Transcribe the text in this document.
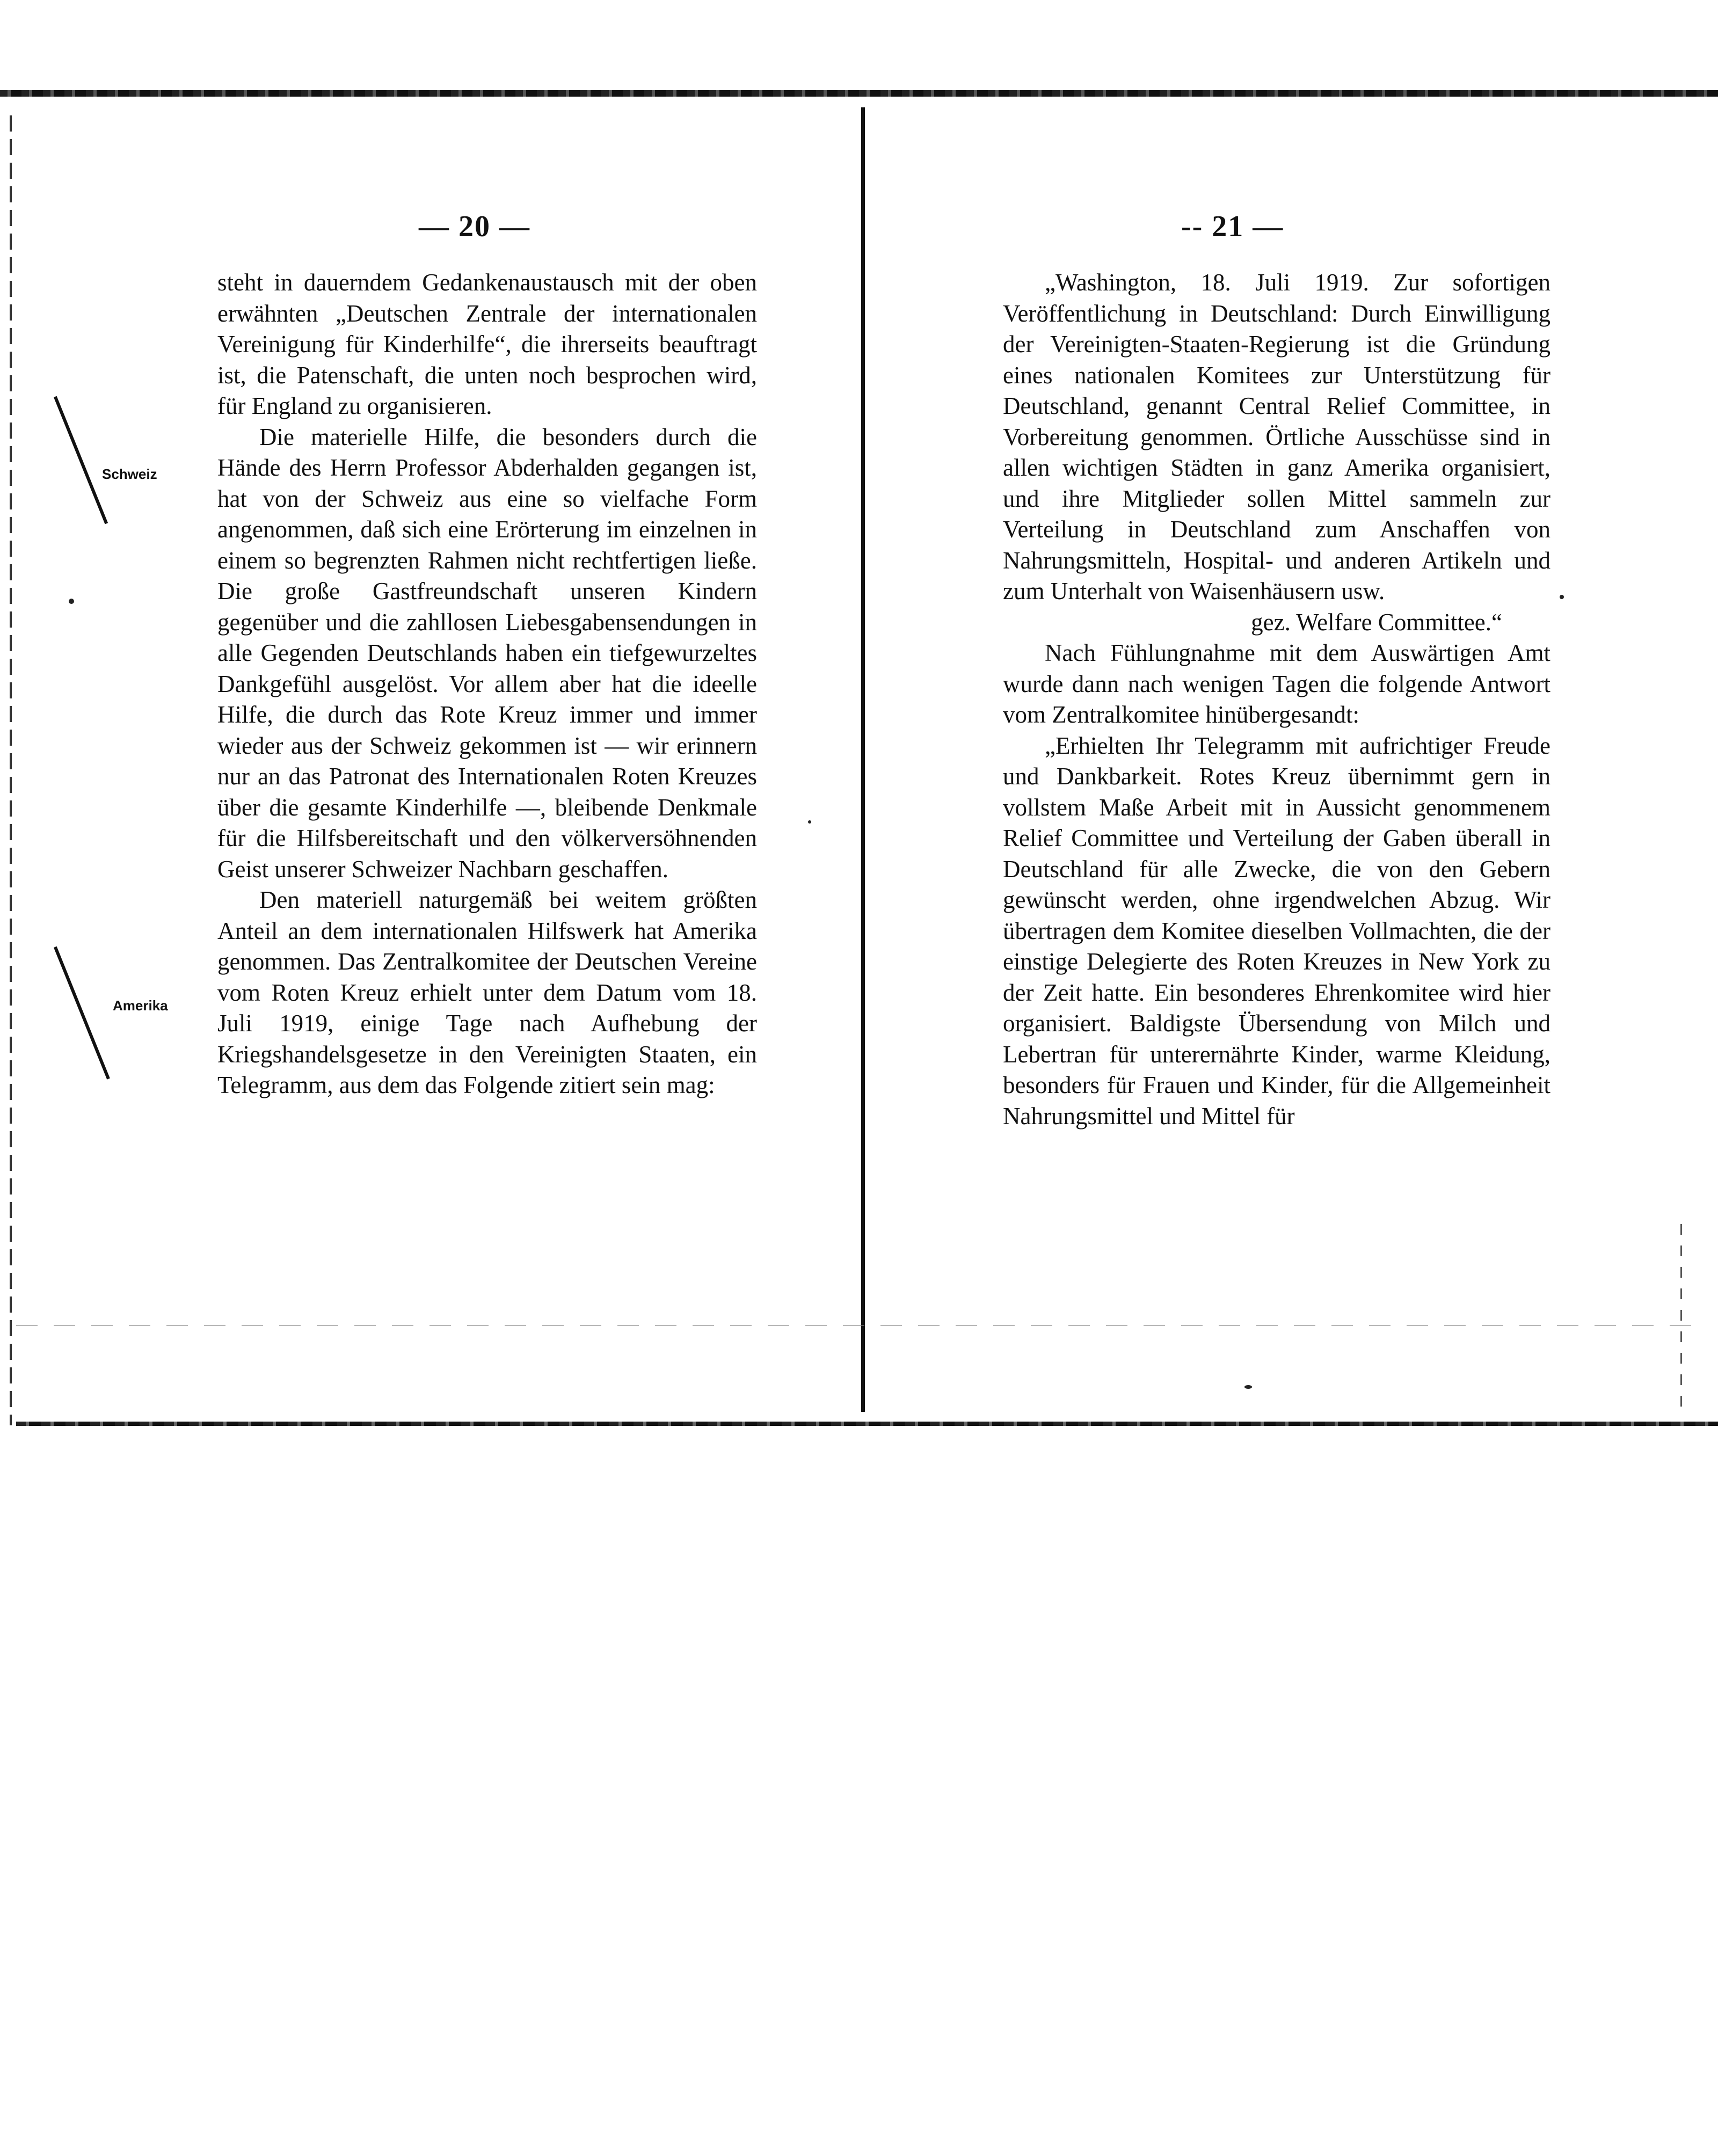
— 20 —
Schweiz
Amerika

steht in dauerndem Gedankenaustausch mit der oben erwähnten „Deutschen Zentrale der internationalen Vereinigung für Kinderhilfe“, die ihrerseits beauftragt ist, die Patenschaft, die unten noch besprochen wird, für England zu organisieren.

Die materielle Hilfe, die besonders durch die Hände des Herrn Professor Abderhalden gegangen ist, hat von der Schweiz aus eine so vielfache Form angenommen, daß sich eine Erörterung im einzelnen in einem so begrenzten Rahmen nicht rechtfertigen ließe. Die große Gastfreundschaft unseren Kindern gegenüber und die zahllosen Liebesgabensendungen in alle Gegenden Deutschlands haben ein tiefgewurzeltes Dankgefühl ausgelöst. Vor allem aber hat die ideelle Hilfe, die durch das Rote Kreuz immer und immer wieder aus der Schweiz gekommen ist — wir erinnern nur an das Patronat des Internationalen Roten Kreuzes über die gesamte Kinderhilfe —, bleibende Denkmale für die Hilfsbereitschaft und den völkerversöhnenden Geist unserer Schweizer Nachbarn geschaffen.

Den materiell naturgemäß bei weitem größten Anteil an dem internationalen Hilfswerk hat Amerika genommen. Das Zentralkomitee der Deutschen Vereine vom Roten Kreuz erhielt unter dem Datum vom 18. Juli 1919, einige Tage nach Aufhebung der Kriegshandelsgesetze in den Vereinigten Staaten, ein Telegramm, aus dem das Folgende zitiert sein mag:

-- 21 —

„Washington, 18. Juli 1919. Zur sofortigen Veröffentlichung in Deutschland: Durch Einwilligung der Vereinigten-Staaten-Regierung ist die Gründung eines nationalen Komitees zur Unterstützung für Deutschland, genannt Central Relief Committee, in Vorbereitung genommen. Örtliche Ausschüsse sind in allen wichtigen Städten in ganz Amerika organisiert, und ihre Mitglieder sollen Mittel sammeln zur Verteilung in Deutschland zum Anschaffen von Nahrungsmitteln, Hospital- und anderen Artikeln und zum Unterhalt von Waisenhäusern usw.

gez. Welfare Committee.“

Nach Fühlungnahme mit dem Auswärtigen Amt wurde dann nach wenigen Tagen die folgende Antwort vom Zentralkomitee hinübergesandt:

„Erhielten Ihr Telegramm mit aufrichtiger Freude und Dankbarkeit. Rotes Kreuz übernimmt gern in vollstem Maße Arbeit mit in Aussicht genommenem Relief Committee und Verteilung der Gaben überall in Deutschland für alle Zwecke, die von den Gebern gewünscht werden, ohne irgendwelchen Abzug. Wir übertragen dem Komitee dieselben Vollmachten, die der einstige Delegierte des Roten Kreuzes in New York zu der Zeit hatte. Ein besonderes Ehrenkomitee wird hier organisiert. Baldigste Übersendung von Milch und Lebertran für unterernährte Kinder, warme Kleidung, besonders für Frauen und Kinder, für die Allgemeinheit Nahrungsmittel und Mittel für
